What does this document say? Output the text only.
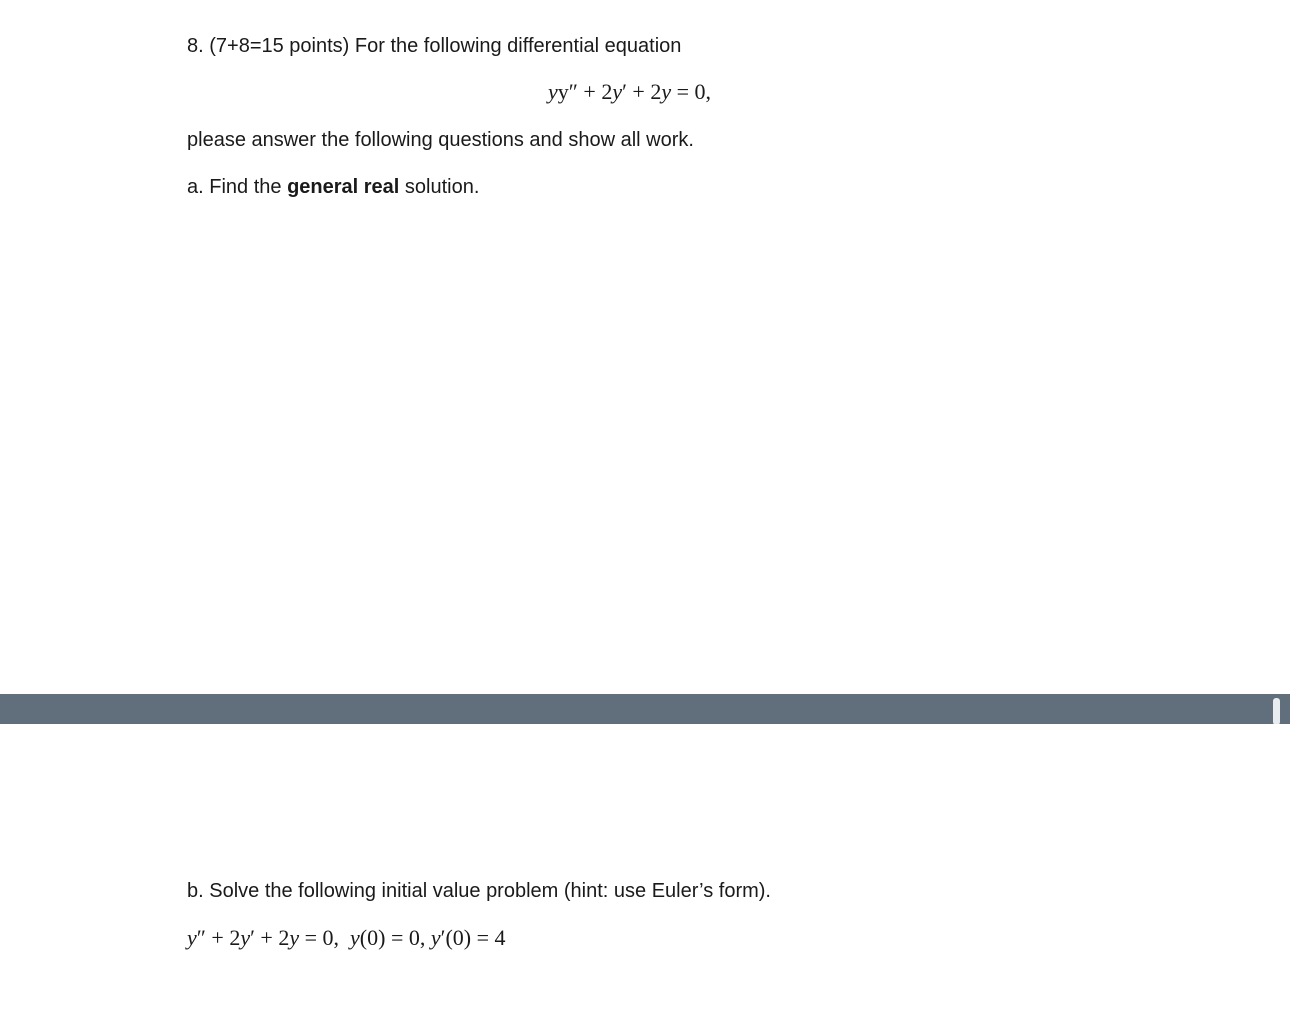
8. (7+8=15 points) For the following differential equation
yy″ + 2y′ + 2y = 0,
please answer the following questions and show all work.
a. Find the general real solution.
b. Solve the following initial value problem (hint: use Euler’s form).
y″ + 2y′ + 2y = 0,  y(0) = 0, y′(0) = 4
